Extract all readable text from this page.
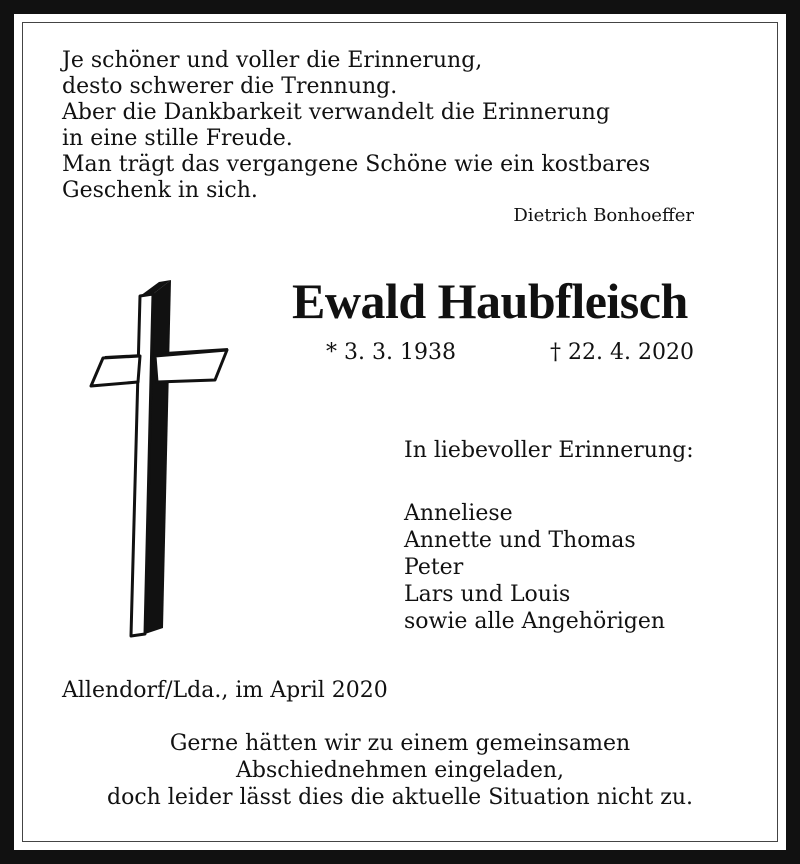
Je schöner und voller die Erinnerung,
desto schwerer die Trennung.
Aber die Dankbarkeit verwandelt die Erinnerung
in eine stille Freude.
Man trägt das vergangene Schöne wie ein kostbares
Geschenk in sich.
Dietrich Bonhoeffer
Ewald Haubfleisch
* 3. 3. 1938	† 22. 4. 2020
In liebevoller Erinnerung:
Anneliese
Annette und Thomas
Peter
Lars und Louis
sowie alle Angehörigen
Allendorf/Lda., im April 2020
Gerne hätten wir zu einem gemeinsamen
Abschiednehmen eingeladen,
doch leider lässt dies die aktuelle Situation nicht zu.
